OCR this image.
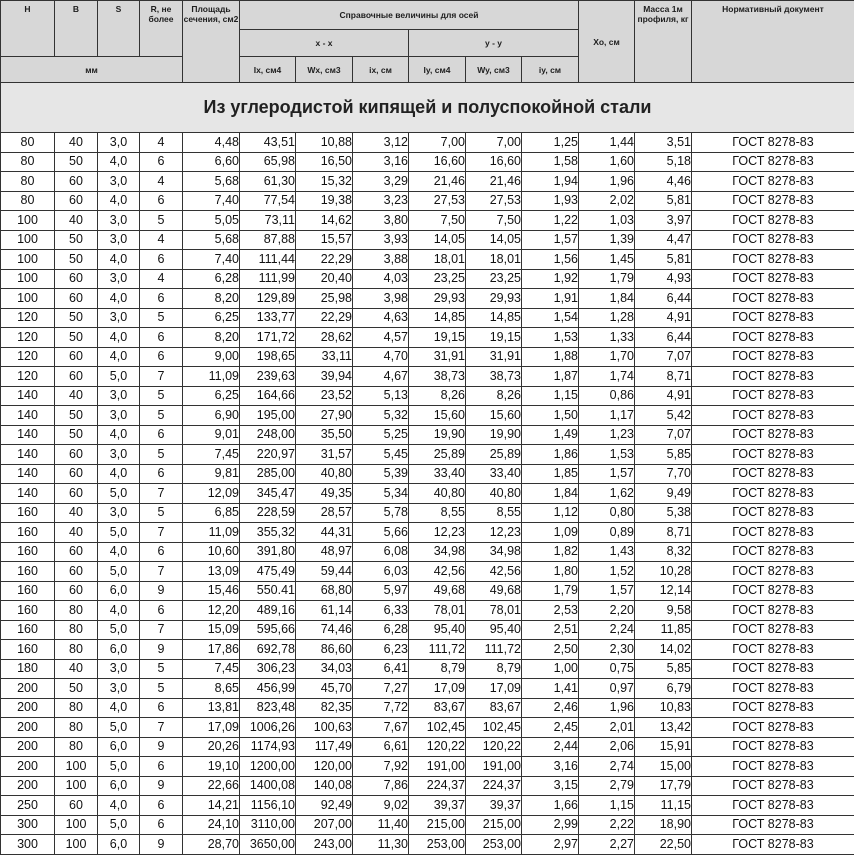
H	B	S	R, не более	Площадь сечения, см2	Справочные величины для осей						Xo, см	Масса 1м профиля, кг	Нормативный документ
					x - x			y - y					
мм					Ix, см4	Wx, см3	ix, см	Iy, см4	Wy, см3	iy, см			
Из углеродистой кипящей и полуспокойной стали													
80	40	3,0	4	4,48	43,51	10,88	3,12	7,00	7,00	1,25	1,44	3,51	ГОСТ 8278-83
80	50	4,0	6	6,60	65,98	16,50	3,16	16,60	16,60	1,58	1,60	5,18	ГОСТ 8278-83
80	60	3,0	4	5,68	61,30	15,32	3,29	21,46	21,46	1,94	1,96	4,46	ГОСТ 8278-83
80	60	4,0	6	7,40	77,54	19,38	3,23	27,53	27,53	1,93	2,02	5,81	ГОСТ 8278-83
100	40	3,0	5	5,05	73,11	14,62	3,80	7,50	7,50	1,22	1,03	3,97	ГОСТ 8278-83
100	50	3,0	4	5,68	87,88	15,57	3,93	14,05	14,05	1,57	1,39	4,47	ГОСТ 8278-83
100	50	4,0	6	7,40	111,44	22,29	3,88	18,01	18,01	1,56	1,45	5,81	ГОСТ 8278-83
100	60	3,0	4	6,28	111,99	20,40	4,03	23,25	23,25	1,92	1,79	4,93	ГОСТ 8278-83
100	60	4,0	6	8,20	129,89	25,98	3,98	29,93	29,93	1,91	1,84	6,44	ГОСТ 8278-83
120	50	3,0	5	6,25	133,77	22,29	4,63	14,85	14,85	1,54	1,28	4,91	ГОСТ 8278-83
120	50	4,0	6	8,20	171,72	28,62	4,57	19,15	19,15	1,53	1,33	6,44	ГОСТ 8278-83
120	60	4,0	6	9,00	198,65	33,11	4,70	31,91	31,91	1,88	1,70	7,07	ГОСТ 8278-83
120	60	5,0	7	11,09	239,63	39,94	4,67	38,73	38,73	1,87	1,74	8,71	ГОСТ 8278-83
140	40	3,0	5	6,25	164,66	23,52	5,13	8,26	8,26	1,15	0,86	4,91	ГОСТ 8278-83
140	50	3,0	5	6,90	195,00	27,90	5,32	15,60	15,60	1,50	1,17	5,42	ГОСТ 8278-83
140	50	4,0	6	9,01	248,00	35,50	5,25	19,90	19,90	1,49	1,23	7,07	ГОСТ 8278-83
140	60	3,0	5	7,45	220,97	31,57	5,45	25,89	25,89	1,86	1,53	5,85	ГОСТ 8278-83
140	60	4,0	6	9,81	285,00	40,80	5,39	33,40	33,40	1,85	1,57	7,70	ГОСТ 8278-83
140	60	5,0	7	12,09	345,47	49,35	5,34	40,80	40,80	1,84	1,62	9,49	ГОСТ 8278-83
160	40	3,0	5	6,85	228,59	28,57	5,78	8,55	8,55	1,12	0,80	5,38	ГОСТ 8278-83
160	40	5,0	7	11,09	355,32	44,31	5,66	12,23	12,23	1,09	0,89	8,71	ГОСТ 8278-83
160	60	4,0	6	10,60	391,80	48,97	6,08	34,98	34,98	1,82	1,43	8,32	ГОСТ 8278-83
160	60	5,0	7	13,09	475,49	59,44	6,03	42,56	42,56	1,80	1,52	10,28	ГОСТ 8278-83
160	60	6,0	9	15,46	550.41	68,80	5,97	49,68	49,68	1,79	1,57	12,14	ГОСТ 8278-83
160	80	4,0	6	12,20	489,16	61,14	6,33	78,01	78,01	2,53	2,20	9,58	ГОСТ 8278-83
160	80	5,0	7	15,09	595,66	74,46	6,28	95,40	95,40	2,51	2,24	11,85	ГОСТ 8278-83
160	80	6,0	9	17,86	692,78	86,60	6,23	111,72	111,72	2,50	2,30	14,02	ГОСТ 8278-83
180	40	3,0	5	7,45	306,23	34,03	6,41	8,79	8,79	1,00	0,75	5,85	ГОСТ 8278-83
200	50	3,0	5	8,65	456,99	45,70	7,27	17,09	17,09	1,41	0,97	6,79	ГОСТ 8278-83
200	80	4,0	6	13,81	823,48	82,35	7,72	83,67	83,67	2,46	1,96	10,83	ГОСТ 8278-83
200	80	5,0	7	17,09	1006,26	100,63	7,67	102,45	102,45	2,45	2,01	13,42	ГОСТ 8278-83
200	80	6,0	9	20,26	1174,93	117,49	6,61	120,22	120,22	2,44	2,06	15,91	ГОСТ 8278-83
200	100	5,0	6	19,10	1200,00	120,00	7,92	191,00	191,00	3,16	2,74	15,00	ГОСТ 8278-83
200	100	6,0	9	22,66	1400,08	140,08	7,86	224,37	224,37	3,15	2,79	17,79	ГОСТ 8278-83
250	60	4,0	6	14,21	1156,10	92,49	9,02	39,37	39,37	1,66	1,15	11,15	ГОСТ 8278-83
300	100	5,0	6	24,10	3110,00	207,00	11,40	215,00	215,00	2,99	2,22	18,90	ГОСТ 8278-83
300	100	6,0	9	28,70	3650,00	243,00	11,30	253,00	253,00	2,97	2,27	22,50	ГОСТ 8278-83
